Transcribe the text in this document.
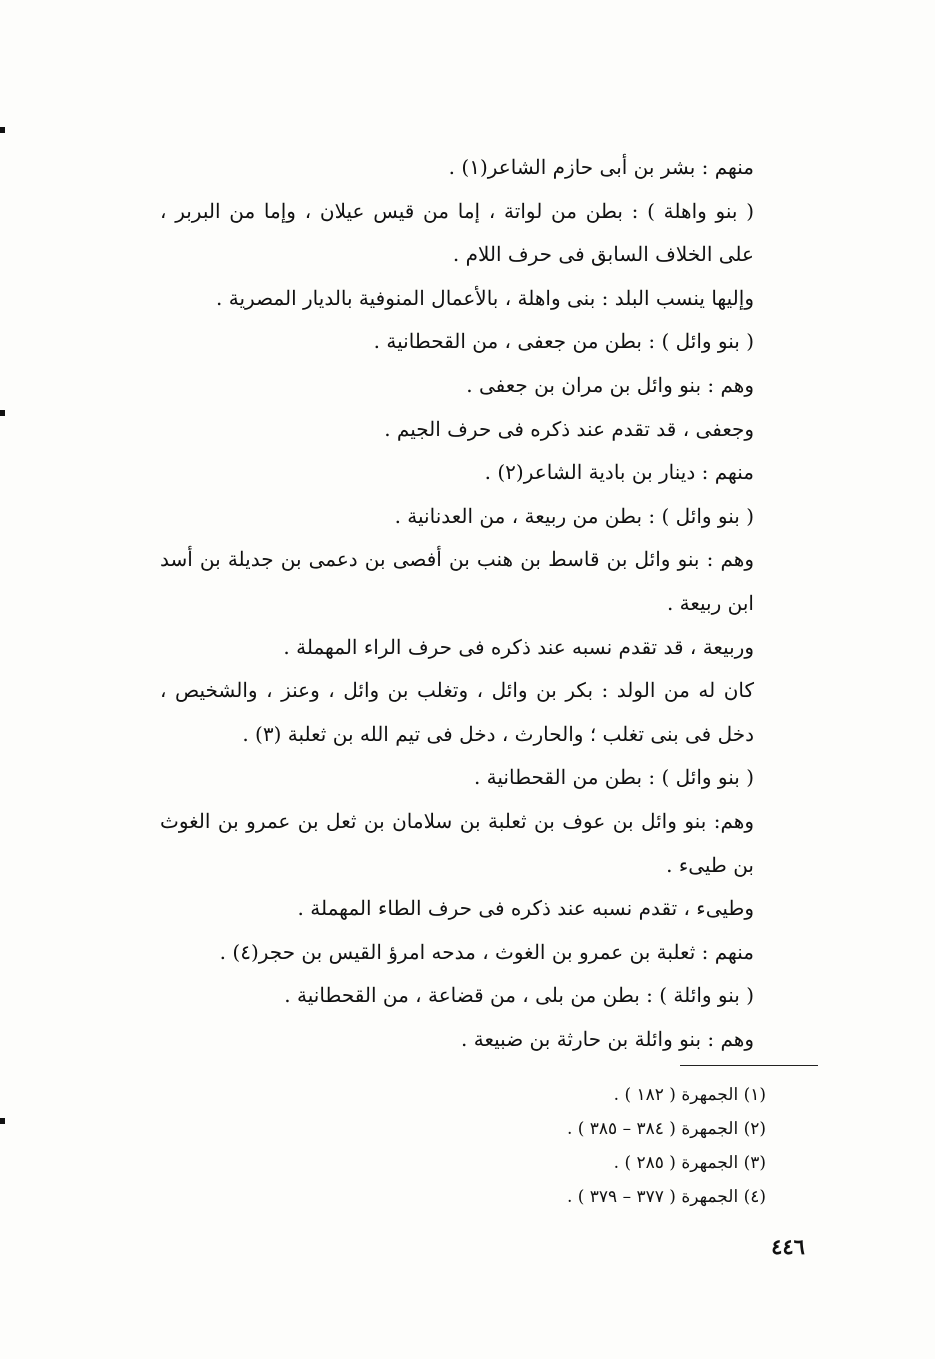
منهم : بشر بن أبى حازم الشاعر(١) .

( بنو واهلة ) : بطن من لواتة ، إما من قيس عيلان ، وإما من البربر ، على الخلاف السابق فى حرف اللام .

وإليها ينسب البلد : بنى واهلة ، بالأعمال المنوفية بالديار المصرية .

( بنو وائل ) : بطن من جعفى ، من القحطانية .

وهم : بنو وائل بن مران بن جعفى .

وجعفى ، قد تقدم عند ذكره فى حرف الجيم .

منهم : دينار بن بادية الشاعر(٢) .

( بنو وائل ) : بطن من ربيعة ، من العدنانية .

وهم : بنو وائل بن قاسط بن هنب بن أفصى بن دعمى بن جديلة بن أسد ابن ربيعة .

وربيعة ، قد تقدم نسبه عند ذكره فى حرف الراء المهملة .

كان له من الولد : بكر بن وائل ، وتغلب بن وائل ، وعنز ، والشخيص ، دخل فى بنى تغلب ؛ والحارث ، دخل فى تيم الله بن ثعلبة (٣) .

( بنو وائل ) : بطن من القحطانية .

وهم: بنو وائل بن عوف بن ثعلبة بن سلامان بن ثعل بن عمرو بن الغوث بن طيىء .

وطيىء ، تقدم نسبه عند ذكره فى حرف الطاء المهملة .

منهم : ثعلبة بن عمرو بن الغوث ، مدحه امرؤ القيس بن حجر(٤) .

( بنو وائلة ) : بطن من بلى ، من قضاعة ، من القحطانية .

وهم : بنو وائلة بن حارثة بن ضبيعة .

(١) الجمهرة ( ١٨٢ ) .

(٢) الجمهرة ( ٣٨٤ – ٣٨٥ ) .

(٣) الجمهرة ( ٢٨٥ ) .

(٤) الجمهرة ( ٣٧٧ – ٣٧٩ ) .

٤٤٦
